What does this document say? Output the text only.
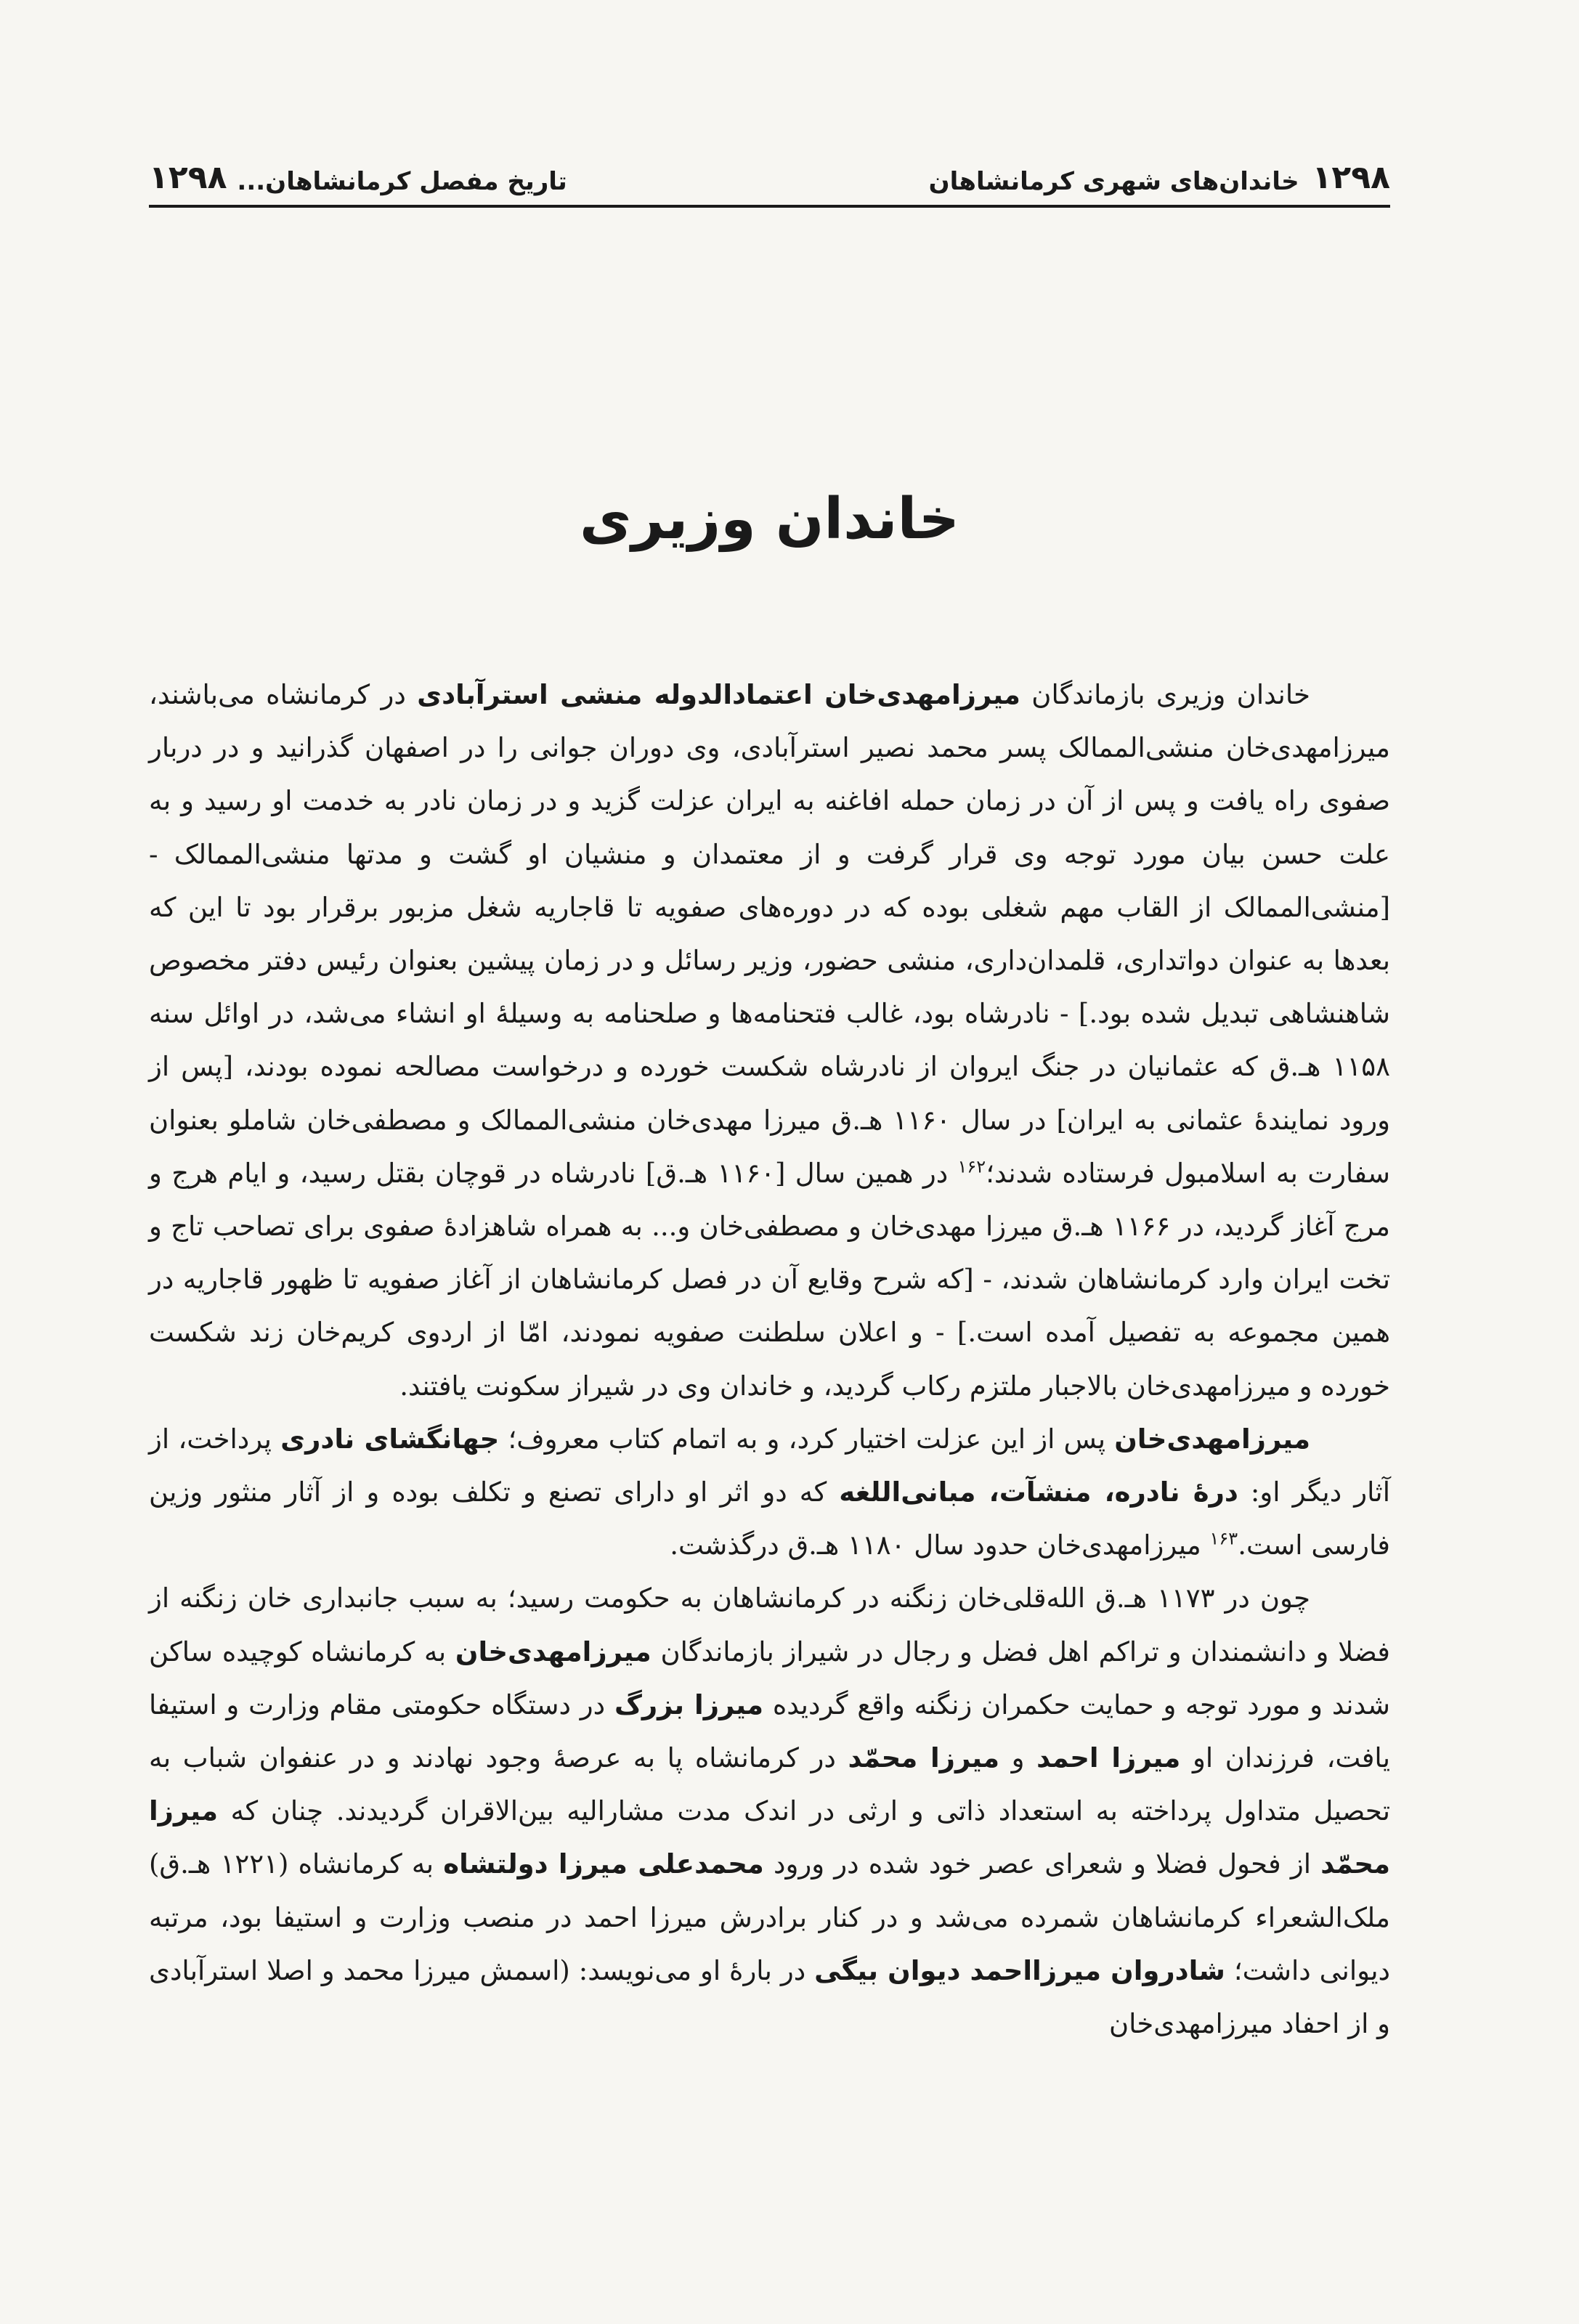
۱۲۹۸
خاندان‌های شهری کرمانشاهان
تاریخ مفصل کرمانشاهان...
۱۲۹۸
خاندان وزیری

خاندان وزیری بازماندگان میرزامهدی‌خان اعتمادالدوله منشی استرآبادی در کرمانشاه می‌باشند، میرزامهدی‌خان منشی‌الممالک پسر محمد نصیر استرآبادی، وی دوران جوانی را در اصفهان گذرانید و در دربار صفوی راه یافت و پس از آن در زمان حمله افاغنه به ایران عزلت گزید و در زمان نادر به خدمت او رسید و به علت حسن بیان مورد توجه وی قرار گرفت و از معتمدان و منشیان او گشت و مدتها منشی‌الممالک - [منشی‌الممالک از القاب مهم شغلی بوده که در دوره‌های صفویه تا قاجاریه شغل مزبور برقرار بود تا این که بعدها به عنوان دواتداری، قلمدان‌داری، منشی حضور، وزیر رسائل و در زمان پیشین بعنوان رئیس دفتر مخصوص شاهنشاهی تبدیل شده بود.] - نادرشاه بود، غالب فتحنامه‌ها و صلحنامه به وسیلهٔ او انشاء می‌شد، در اوائل سنه ۱۱۵۸ هـ.ق که عثمانیان در جنگ ایروان از نادرشاه شکست خورده و درخواست مصالحه نموده بودند، [پس از ورود نمایندهٔ عثمانی به ایران] در سال ۱۱۶۰ هـ.ق میرزا مهدی‌خان منشی‌الممالک و مصطفی‌خان شاملو بعنوان سفارت به اسلامبول فرستاده شدند؛$^{۱۶۲}$ در همین سال [۱۱۶۰ هـ.ق] نادرشاه در قوچان بقتل رسید، و ایام هرج و مرج آغاز گردید، در ۱۱۶۶ هـ.ق میرزا مهدی‌خان و مصطفی‌خان و... به همراه شاهزادهٔ صفوی برای تصاحب تاج و تخت ایران وارد کرمانشاهان شدند، - [که شرح وقایع آن در فصل کرمانشاهان از آغاز صفویه تا ظهور قاجاریه در همین مجموعه به تفصیل آمده است.] - و اعلان سلطنت صفویه نمودند، امّا از اردوی کریم‌خان زند شکست خورده و میرزامهدی‌خان بالاجبار ملتزم رکاب گردید، و خاندان وی در شیراز سکونت یافتند.

میرزامهدی‌خان پس از این عزلت اختیار کرد، و به اتمام کتاب معروف؛ جهانگشای نادری پرداخت، از آثار دیگر او: درهٔ نادره، منشآت، مبانی‌اللغه که دو اثر او دارای تصنع و تکلف بوده و از آثار منثور وزین فارسی است.$^{۱۶۳}$ میرزامهدی‌خان حدود سال ۱۱۸۰ هـ.ق درگذشت.

چون در ۱۱۷۳ هـ.ق الله‌قلی‌خان زنگنه در کرمانشاهان به حکومت رسید؛ به سبب جانبداری خان زنگنه از فضلا و دانشمندان و تراکم اهل فضل و رجال در شیراز بازماندگان میرزامهدی‌خان به کرمانشاه کوچیده ساکن شدند و مورد توجه و حمایت حکمران زنگنه واقع گردیده میرزا بزرگ در دستگاه حکومتی مقام وزارت و استیفا یافت، فرزندان او میرزا احمد و میرزا محمّد در کرمانشاه پا به عرصهٔ وجود نهادند و در عنفوان شباب به تحصیل متداول پرداخته به استعداد ذاتی و ارثی در اندک مدت مشارالیه بین‌الاقران گردیدند. چنان که میرزا محمّد از فحول فضلا و شعرای عصر خود شده در ورود محمدعلی میرزا دولتشاه به کرمانشاه (۱۲۲۱ هـ.ق) ملک‌الشعراء کرمانشاهان شمرده می‌شد و در کنار برادرش میرزا احمد در منصب وزارت و استیفا بود، مرتبه دیوانی داشت؛ شادروان میرزااحمد دیوان بیگی در بارهٔ او می‌نویسد: (اسمش میرزا محمد و اصلا استرآبادی و از احفاد میرزامهدی‌خان
